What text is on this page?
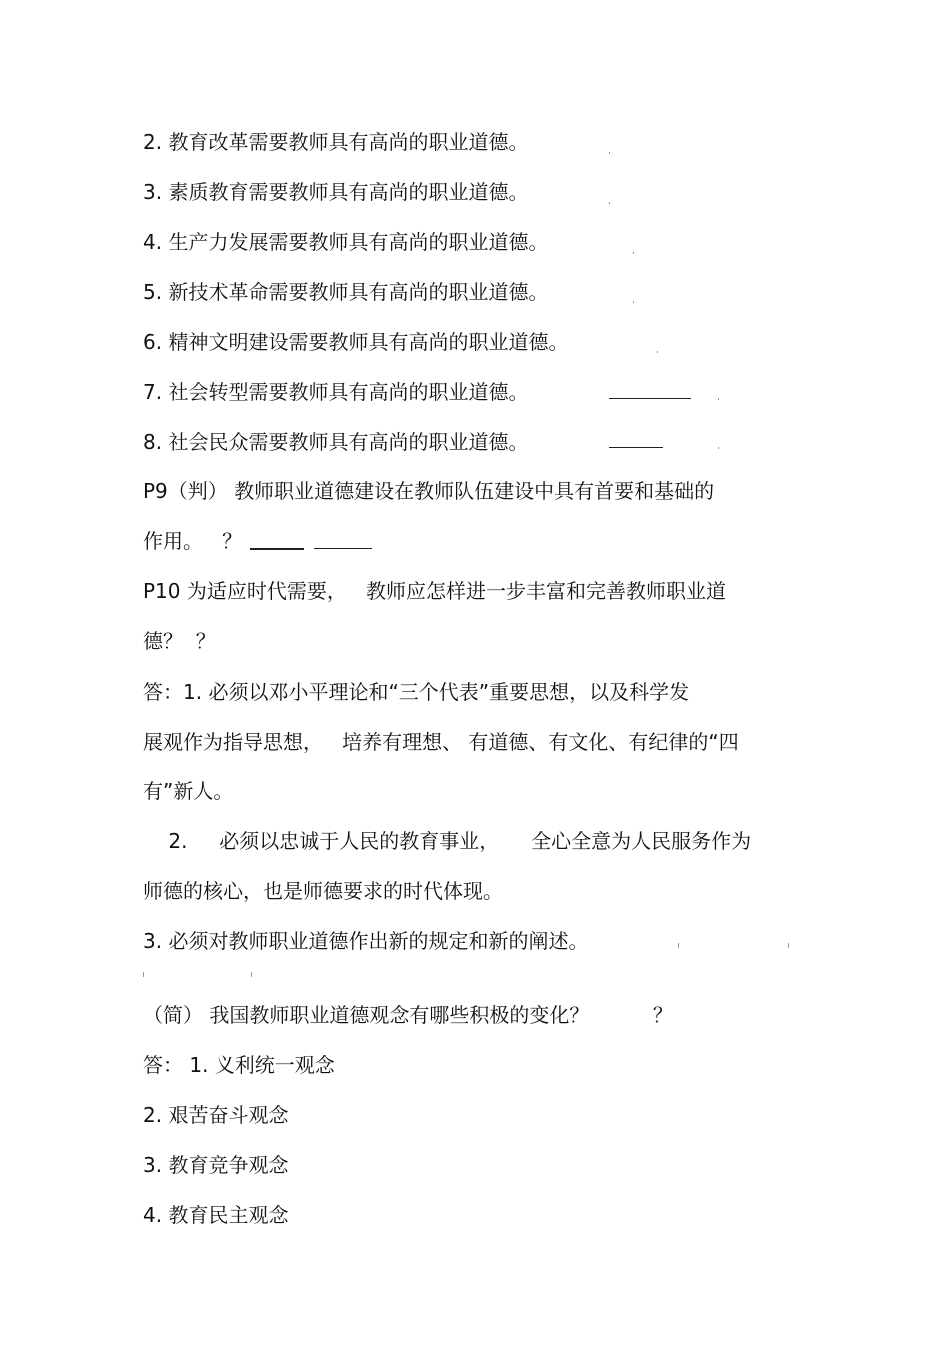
2. 教育改革需要教师具有高尚的职业道德。
3. 素质教育需要教师具有高尚的职业道德。
4. 生产力发展需要教师具有高尚的职业道德。
5. 新技术革命需要教师具有高尚的职业道德。
6. 精神文明建设需要教师具有高尚的职业道德。
7. 社会转型需要教师具有高尚的职业道德。
8. 社会民众需要教师具有高尚的职业道德。
P9（判） 教师职业道德建设在教师队伍建设中具有首要和基础的
作用。   ？
P10 为适应时代需要，   教师应怎样进一步丰富和完善教师职业道
德？  ？
答：1. 必须以邓小平理论和“三个代表”重要思想，以及科学发
展观作为指导思想，   培养有理想、 有道德、有文化、有纪律的“四
有”新人。
2.     必须以忠诚于人民的教育事业，     全心全意为人民服务作为
师德的核心，也是师德要求的时代体现。
3. 必须对教师职业道德作出新的规定和新的阐述。
（简） 我国教师职业道德观念有哪些积极的变化？          ？
答： 1. 义利统一观念
2. 艰苦奋斗观念
3. 教育竞争观念
4. 教育民主观念
